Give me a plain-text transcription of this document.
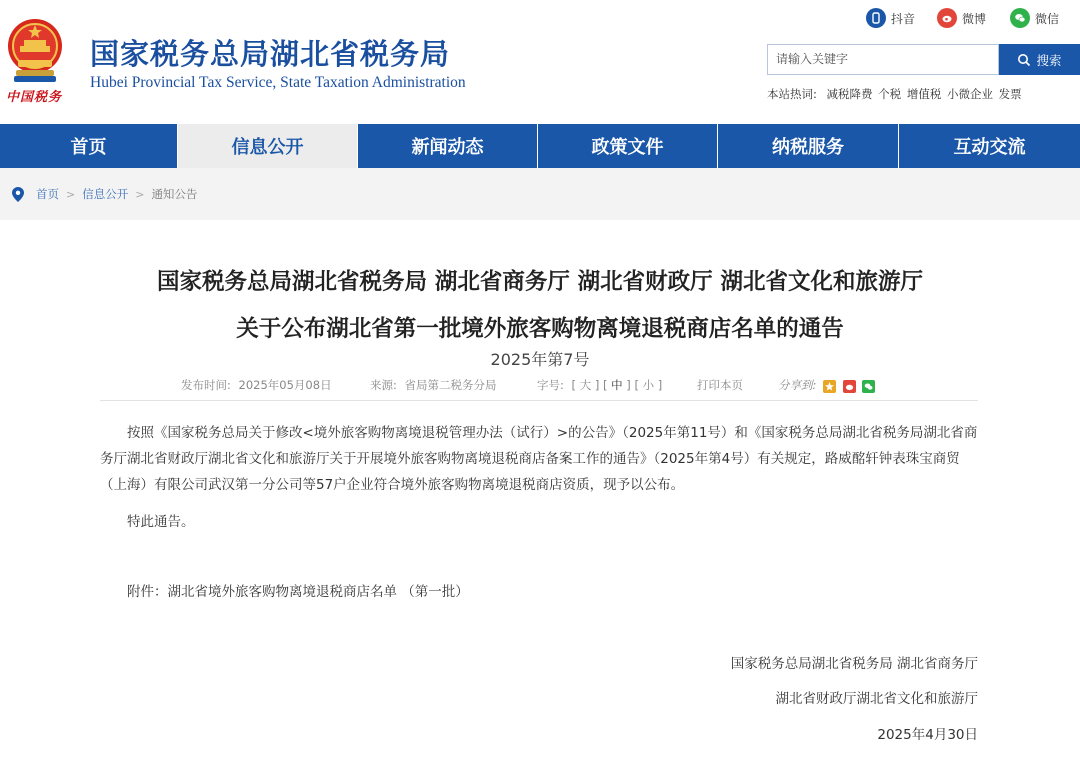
中国税务
国家税务总局湖北省税务局
Hubei Provincial Tax Service, State Taxation Administration
抖音	微博	微信
请输入关键字	搜索
本站热词: 减税降费 个税 增值税 小微企业 发票
首页	信息公开	新闻动态	政策文件	纳税服务	互动交流
首页 > 信息公开 > 通知公告
国家税务总局湖北省税务局 湖北省商务厅 湖北省财政厅 湖北省文化和旅游厅
关于公布湖北省第一批境外旅客购物离境退税商店名单的通告
2025年第7号
发布时间: 2025年05月08日	来源: 省局第二税务分局	字号: [ 大 ] [ 中 ] [ 小 ]	打印本页	分享到:

按照《国家税务总局关于修改<境外旅客购物离境退税管理办法（试行）>的公告》（2025年第11号）和《国家税务总局湖北省税务局湖北省商务厅湖北省财政厅湖北省文化和旅游厅关于开展境外旅客购物离境退税商店备案工作的通告》（2025年第4号）有关规定，路威酩轩钟表珠宝商贸（上海）有限公司武汉第一分公司等57户企业符合境外旅客购物离境退税商店资质，现予以公布。
特此通告。
附件：湖北省境外旅客购物离境退税商店名单 （第一批）
国家税务总局湖北省税务局 湖北省商务厅
湖北省财政厅湖北省文化和旅游厅
2025年4月30日
